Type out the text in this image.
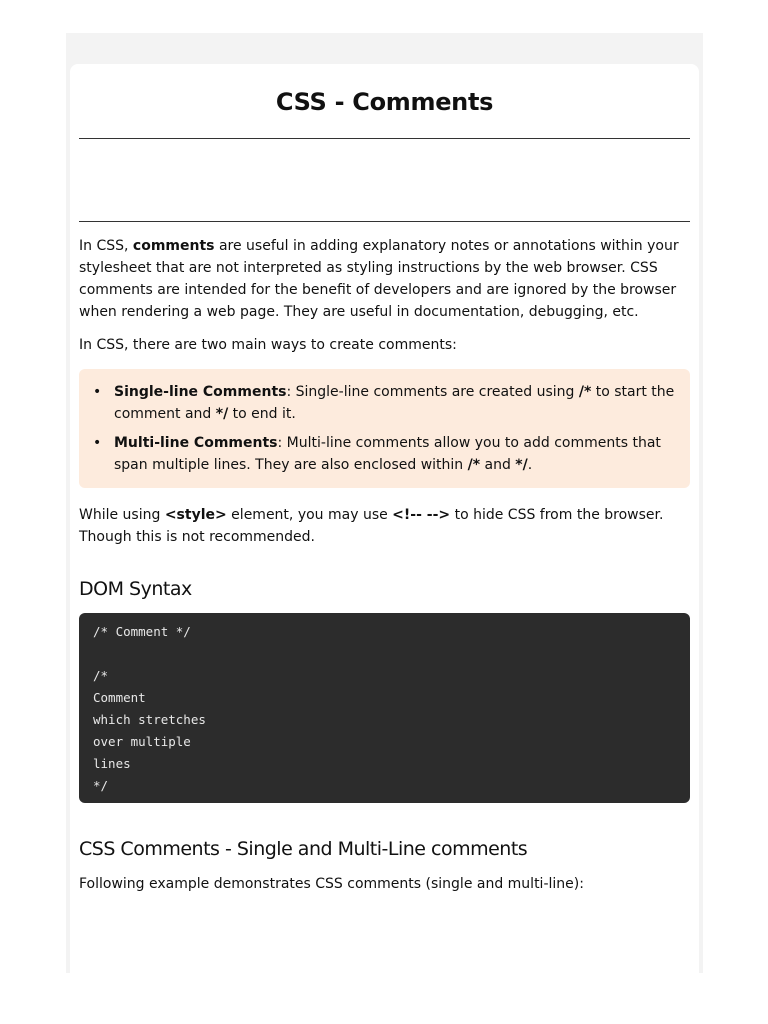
CSS - Comments

In CSS, comments are useful in adding explanatory notes or annotations within your stylesheet that are not interpreted as styling instructions by the web browser. CSS comments are intended for the benefit of developers and are ignored by the browser when rendering a web page. They are useful in documentation, debugging, etc.

In CSS, there are two main ways to create comments:

• Single-line Comments: Single-line comments are created using /* to start the comment and */ to end it.
• Multi-line Comments: Multi-line comments allow you to add comments that span multiple lines. They are also enclosed within /* and */.

While using <style> element, you may use <!-- --> to hide CSS from the browser. Though this is not recommended.

DOM Syntax
/* Comment */
/*
Comment
which stretches
over multiple
lines
*/
CSS Comments - Single and Multi-Line comments

Following example demonstrates CSS comments (single and multi-line):
